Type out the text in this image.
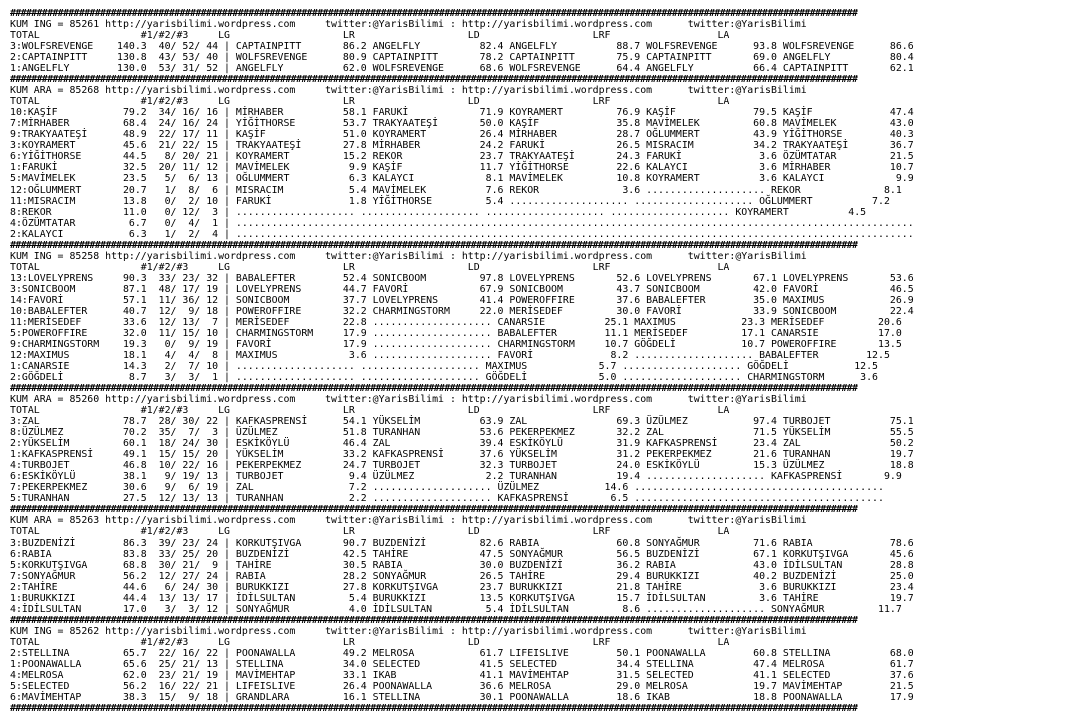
################################################################################################################################################################
KUM ING = 85261 http://yarisbilimi.wordpress.com     twitter:@YarisBilimi : http://yarisbilimi.wordpress.com      twitter:@YarisBilimi
TOTAL                 #1/#2/#3     LG                   LR                   LD                   LRF                  LA
3:WOLFSREVENGE    140.3  40/ 52/ 44 | CAPTAINPITT       86.2 ANGELFLY          82.4 ANGELFLY          88.7 WOLFSREVENGE      93.8 WOLFSREVENGE      86.6
2:CAPTAINPITT     130.8  43/ 53/ 40 | WOLFSREVENGE      80.9 CAPTAINPITT       78.2 CAPTAINPITT       75.9 CAPTAINPITT       69.0 ANGELFLY          80.4
1:ANGELFLY        130.0  53/ 31/ 52 | ANGELFLY          62.0 WOLFSREVENGE      68.6 WOLFSREVENGE      64.4 ANGELFLY          66.4 CAPTAINPITT       62.1
################################################################################################################################################################
KUM ARA = 85268 http://yarisbilimi.wordpress.com     twitter:@YarisBilimi : http://yarisbilimi.wordpress.com      twitter:@YarisBilimi
TOTAL                 #1/#2/#3     LG                   LR                   LD                   LRF                  LA
10:KAŞİF           79.2  34/ 16/ 16 | MİRHABER          58.1 FARUKİ            71.9 KOYRAMERT         76.9 KAŞİF             79.5 KAŞİF             47.4
7:MİRHABER         68.4  24/ 16/ 24 | YİĞİTHORSE        53.7 TRAKYAATEŞİ       50.0 KAŞİF             35.8 MAVİMELEK         60.8 MAVİMELEK         43.0
9:TRAKYAATEŞİ      48.9  22/ 17/ 11 | KAŞİF             51.0 KOYRAMERT         26.4 MİRHABER          28.7 OĞLUMMERT         43.9 YİĞİTHORSE        40.3
3:KOYRAMERT        45.6  21/ 22/ 15 | TRAKYAATEŞİ       27.8 MİRHABER          24.2 FARUKİ            26.5 MISRACIM          34.2 TRAKYAATEŞİ       36.7
6:YİĞİTHORSE       44.5   8/ 20/ 21 | KOYRAMERT         15.2 REKOR             23.7 TRAKYAATEŞİ       24.3 FARUKİ             3.6 ÖZÜMTATAR         21.5
1:FARUKİ           32.5  20/ 11/ 12 | MAVİMELEK          9.9 KAŞİF             11.7 YİĞİTHORSE        22.6 KALAYCI            3.6 MİRHABER          10.7
5:MAVİMELEK        23.5   5/  6/ 13 | OĞLUMMERT          6.3 KALAYCI            8.1 MAVİMELEK         10.8 KOYRAMERT          3.6 KALAYCI            9.9
12:OĞLUMMERT       20.7   1/  8/  6 | MISRACIM           5.4 MAVİMELEK          7.6 REKOR              3.6 .................... REKOR              8.1
11:MISRACIM        13.8   0/  2/ 10 | FARUKİ             1.8 YİĞİTHORSE         5.4 .................... .................... OĞLUMMERT          7.2
8:REKOR            11.0   0/ 12/  3 | .................... .................... .................... .................... KOYRAMERT          4.5
4:ÖZÜMTATAR         6.7   0/  4/  1 | ..................................................................................................................
2:KALAYCI           6.3   1/  2/  4 | ..................................................................................................................
################################################################################################################################################################
KUM ING = 85258 http://yarisbilimi.wordpress.com     twitter:@YarisBilimi : http://yarisbilimi.wordpress.com      twitter:@YarisBilimi
TOTAL                 #1/#2/#3     LG                   LR                   LD                   LRF                  LA
13:LOVELYPRENS     90.3  33/ 23/ 32 | BABALEFTER        52.4 SONICBOOM         97.8 LOVELYPRENS       52.6 LOVELYPRENS       67.1 LOVELYPRENS       53.6
3:SONICBOOM        87.1  48/ 17/ 19 | LOVELYPRENS       44.7 FAVORİ            67.9 SONICBOOM         43.7 SONICBOOM         42.0 FAVORİ            46.5
14:FAVORİ          57.1  11/ 36/ 12 | SONICBOOM         37.7 LOVELYPRENS       41.4 POWEROFFIRE       37.6 BABALEFTER        35.0 MAXIMUS           26.9
10:BABALEFTER      40.7  12/  9/ 18 | POWEROFFIRE       32.2 CHARMINGSTORM     22.0 MERİSEDEF         30.0 FAVORİ            33.9 SONICBOOM         22.4
11:MERİSEDEF       33.6  12/ 13/  7 | MERİSEDEF         22.8 .................... CANARSIE          25.1 MAXIMUS           23.3 MERİSEDEF         20.6
5:POWEROFFIRE      32.0  11/ 15/ 10 | CHARMINGSTORM     17.9 .................... BABALEFTER        11.1 MERİSEDEF         17.1 CANARSIE          17.0
9:CHARMINGSTORM    19.3   0/  9/ 19 | FAVORİ            17.9 .................... CHARMINGSTORM     10.7 GÖĞDELİ           10.7 POWEROFFIRE       13.5
12:MAXIMUS         18.1   4/  4/  8 | MAXIMUS            3.6 .................... FAVORİ             8.2 .................... BABALEFTER        12.5
1:CANARSIE         14.3   2/  7/ 10 | .................... .................... MAXIMUS            5.7 .................... GÖĞDELİ           12.5
2:GÖĞDELİ           8.7   3/  3/  1 | .................... .................... GÖĞDELİ            5.0 .................... CHARMINGSTORM      3.6
################################################################################################################################################################
KUM ARA = 85260 http://yarisbilimi.wordpress.com     twitter:@YarisBilimi : http://yarisbilimi.wordpress.com      twitter:@YarisBilimi
TOTAL                 #1/#2/#3     LG                   LR                   LD                   LRF                  LA
3:ZAL              78.7  28/ 30/ 22 | KAFKASPRENSİ      54.1 YÜKSELİM          63.9 ZAL               69.3 ÜZÜLMEZ           97.4 TURBOJET          75.1
8:ÜZÜLMEZ          70.2  35/  7/  3 | ÜZÜLMEZ           51.8 TURANHAN          53.6 PEKERPEKMEZ       32.2 ZAL               71.5 YÜKSELİM          55.5
2:YÜKSELİM         60.1  18/ 24/ 30 | ESKİKÖYLÜ         46.4 ZAL               39.4 ESKİKÖYLÜ         31.9 KAFKASPRENSİ      23.4 ZAL               50.2
1:KAFKASPRENSİ     49.1  15/ 15/ 20 | YÜKSELİM          33.2 KAFKASPRENSİ      37.6 YÜKSELİM          31.2 PEKERPEKMEZ       21.6 TURANHAN          19.7
4:TURBOJET         46.8  10/ 22/ 16 | PEKERPEKMEZ       24.7 TURBOJET          32.3 TURBOJET          24.0 ESKİKÖYLÜ         15.3 ÜZÜLMEZ           18.8
6:ESKİKÖYLÜ        38.1   9/ 19/ 13 | TURBOJET           9.4 ÜZÜLMEZ            2.2 TURANHAN          19.4 .................... KAFKASPRENSİ       9.9
7:PEKERPEKMEZ      30.6   9/  6/ 19 | ZAL                7.2 .................... ÜZÜLMEZ           14.6 ..........................................
5:TURANHAN         27.5  12/ 13/ 13 | TURANHAN           2.2 .................... KAFKASPRENSİ       6.5 ..........................................
################################################################################################################################################################
KUM ARA = 85263 http://yarisbilimi.wordpress.com     twitter:@YarisBilimi : http://yarisbilimi.wordpress.com      twitter:@YarisBilimi
TOTAL                 #1/#2/#3     LG                   LR                   LD                   LRF                  LA
3:BUZDENİZİ        86.3  39/ 23/ 24 | KORKUTŞIVGA       90.7 BUZDENİZİ         82.6 RABIA             60.8 SONYAĞMUR         71.6 RABIA             78.6
6:RABIA            83.8  33/ 25/ 20 | BUZDENİZİ         42.5 TAHİRE            47.5 SONYAĞMUR         56.5 BUZDENİZİ         67.1 KORKUTŞIVGA       45.6
5:KORKUTŞIVGA      68.8  30/ 21/  9 | TAHİRE            30.5 RABIA             30.0 BUZDENİZİ         36.2 RABIA             43.0 İDİLSULTAN        28.8
7:SONYAĞMUR        56.2  12/ 27/ 24 | RABIA             28.2 SONYAĞMUR         26.5 TAHİRE            29.4 BURUKKIZI         40.2 BUZDENİZİ         25.0
2:TAHİRE           44.6   6/ 24/ 30 | BURUKKIZI         27.8 KORKUTŞIVGA       23.7 BURUKKIZI         21.8 TAHİRE             3.6 BURUKKIZI         23.4
1:BURUKKIZI        44.4  13/ 13/ 17 | İDİLSULTAN         5.4 BURUKKIZI         13.5 KORKUTŞIVGA       15.7 İDİLSULTAN         3.6 TAHİRE            19.7
4:İDİLSULTAN       17.0   3/  3/ 12 | SONYAĞMUR          4.0 İDİLSULTAN         5.4 İDİLSULTAN         8.6 .................... SONYAĞMUR         11.7
################################################################################################################################################################
KUM ING = 85262 http://yarisbilimi.wordpress.com     twitter:@YarisBilimi : http://yarisbilimi.wordpress.com      twitter:@YarisBilimi
TOTAL                 #1/#2/#3     LG                   LR                   LD                   LRF                  LA
2:STELLINA         65.7  22/ 16/ 22 | POONAWALLA        49.2 MELROSA           61.7 LIFEISLIVE        50.1 POONAWALLA        60.8 STELLINA          68.0
1:POONAWALLA       65.6  25/ 21/ 13 | STELLINA          34.0 SELECTED          41.5 SELECTED          34.4 STELLINA          47.4 MELROSA           61.7
4:MELROSA          62.0  23/ 21/ 19 | MAVİMEHTAP        33.1 IKAB              41.1 MAVİMEHTAP        31.5 SELECTED          41.1 SELECTED          37.6
5:SELECTED         56.2  16/ 22/ 21 | LIFEISLIVE        26.4 POONAWALLA        36.6 MELROSA           29.0 MELROSA           19.7 MAVİMEHTAP        21.5
6:MAVİMEHTAP       38.3  15/  9/ 18 | GRANDLARA         16.1 STELLINA          30.1 POONAWALLA        18.6 IKAB              18.8 POONAWALLA        17.9
################################################################################################################################################################
